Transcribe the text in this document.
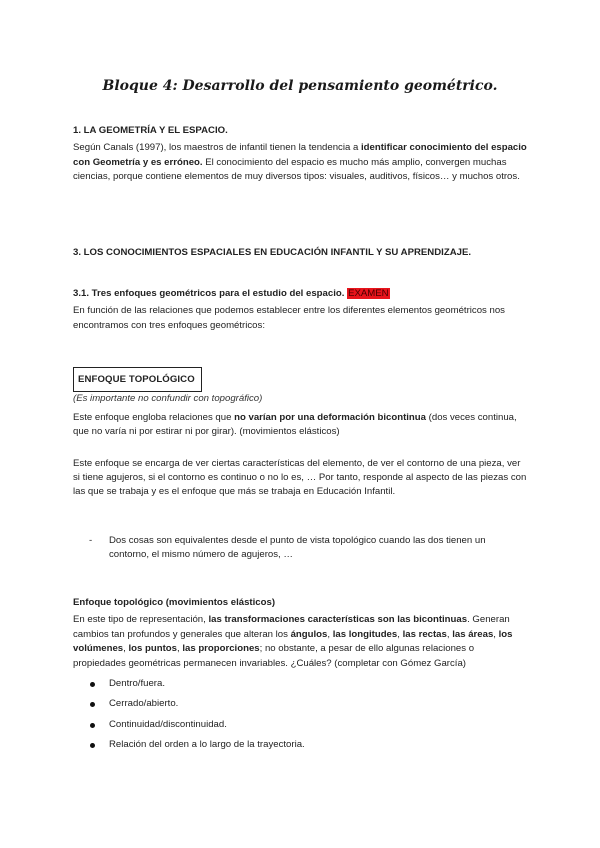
Bloque 4: Desarrollo del pensamiento geométrico.

1. LA GEOMETRÍA Y EL ESPACIO.

Según Canals (1997), los maestros de infantil tienen la tendencia a identificar conocimiento del espacio con Geometría y es erróneo. El conocimiento del espacio es mucho más amplio, convergen muchas ciencias, porque contiene elementos de muy diversos tipos: visuales, auditivos, físicos… y muchos otros.

3. LOS CONOCIMIENTOS ESPACIALES EN EDUCACIÓN INFANTIL Y SU APRENDIZAJE.

3.1. Tres enfoques geométricos para el estudio del espacio. EXAMEN

En función de las relaciones que podemos establecer entre los diferentes elementos geométricos nos encontramos con tres enfoques geométricos:

ENFOQUE TOPOLÓGICO

(Es importante no confundir con topográfico)

Este enfoque engloba relaciones que no varían por una deformación bicontinua (dos veces continua, que no varía ni por estirar ni por girar). (movimientos elásticos)

Este enfoque se encarga de ver ciertas características del elemento, de ver el contorno de una pieza, ver si tiene agujeros, si el contorno es continuo o no lo es, … Por tanto, responde al aspecto de las piezas con las que se trabaja y es el enfoque que más se trabaja en Educación Infantil.

- Dos cosas son equivalentes desde el punto de vista topológico cuando las dos tienen un contorno, el mismo número de agujeros, …

Enfoque topológico (movimientos elásticos)

En este tipo de representación, las transformaciones características son las bicontinuas. Generan cambios tan profundos y generales que alteran los ángulos, las longitudes, las rectas, las áreas, los volúmenes, los puntos, las proporciones; no obstante, a pesar de ello algunas relaciones o propiedades geométricas permanecen invariables. ¿Cuáles? (completar con Gómez García)

Dentro/fuera.
Cerrado/abierto.
Continuidad/discontinuidad.
Relación del orden a lo largo de la trayectoria.
